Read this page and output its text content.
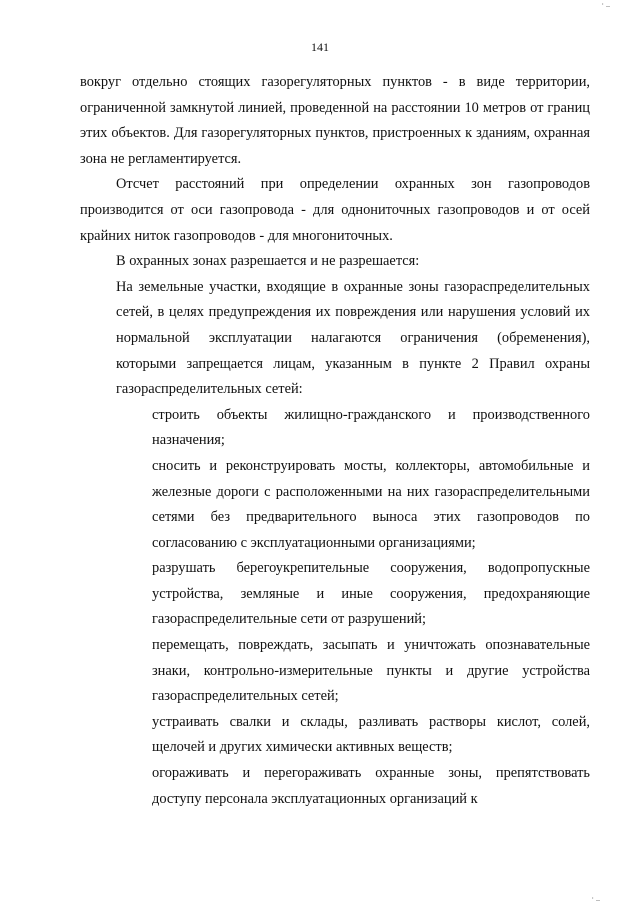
· ..
141

вокруг отдельно стоящих газорегуляторных пунктов - в виде территории, ограниченной замкнутой линией, проведенной на расстоянии 10 метров от границ этих объектов. Для газорегуляторных пунктов, пристроенных к зданиям, охранная зона не регламентируется.

Отсчет расстояний при определении охранных зон газопроводов производится от оси газопровода - для однониточных газопроводов и от осей крайних ниток газопроводов - для многониточных.

В охранных зонах разрешается и не разрешается:

На земельные участки, входящие в охранные зоны газораспределительных сетей, в целях предупреждения их повреждения или нарушения условий их нормальной эксплуатации налагаются ограничения (обременения), которыми запрещается лицам, указанным в пункте 2 Правил охраны газораспределительных сетей:

строить объекты жилищно-гражданского и производственного назначения;
сносить и реконструировать мосты, коллекторы, автомобильные и железные дороги с расположенными на них газораспределительными сетями без предварительного выноса этих газопроводов по согласованию с эксплуатационными организациями;
разрушать берегоукрепительные сооружения, водопропускные устройства, земляные и иные сооружения, предохраняющие газораспределительные сети от разрушений;
перемещать, повреждать, засыпать и уничтожать опознавательные знаки, контрольно-измерительные пункты и другие устройства газораспределительных сетей;
устраивать свалки и склады, разливать растворы кислот, солей, щелочей и других химически активных веществ;
огораживать и перегораживать охранные зоны, препятствовать доступу персонала эксплуатационных организаций к
· ..
